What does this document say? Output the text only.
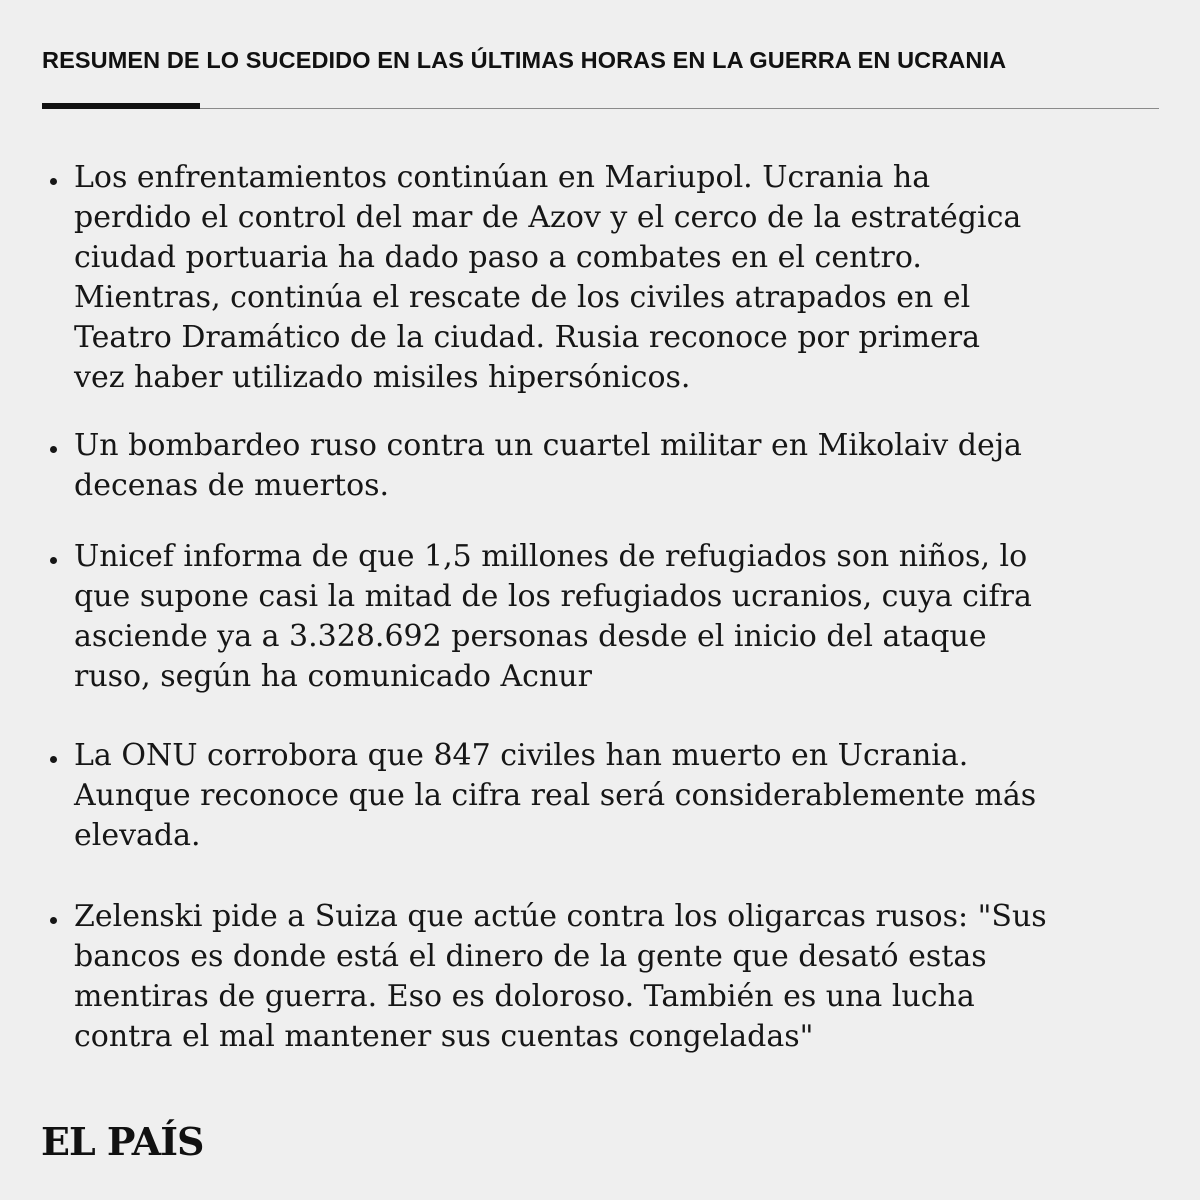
RESUMEN DE LO SUCEDIDO EN LAS ÚLTIMAS HORAS EN LA GUERRA EN UCRANIA
Los enfrentamientos continúan en Mariupol. Ucrania ha
perdido el control del mar de Azov y el cerco de la estratégica
ciudad portuaria ha dado paso a combates en el centro.
Mientras, continúa el rescate de los civiles atrapados en el
Teatro Dramático de la ciudad. Rusia reconoce por primera
vez haber utilizado misiles hipersónicos.
Un bombardeo ruso contra un cuartel militar en Mikolaiv deja
decenas de muertos.
Unicef informa de que 1,5 millones de refugiados son niños, lo
que supone casi la mitad de los refugiados ucranios, cuya cifra
asciende ya a 3.328.692 personas desde el inicio del ataque
ruso, según ha comunicado Acnur
La ONU corrobora que 847 civiles han muerto en Ucrania.
Aunque reconoce que la cifra real será considerablemente más
elevada.
Zelenski pide a Suiza que actúe contra los oligarcas rusos: "Sus
bancos es donde está el dinero de la gente que desató estas
mentiras de guerra. Eso es doloroso. También es una lucha
contra el mal mantener sus cuentas congeladas"
EL PAÍS
